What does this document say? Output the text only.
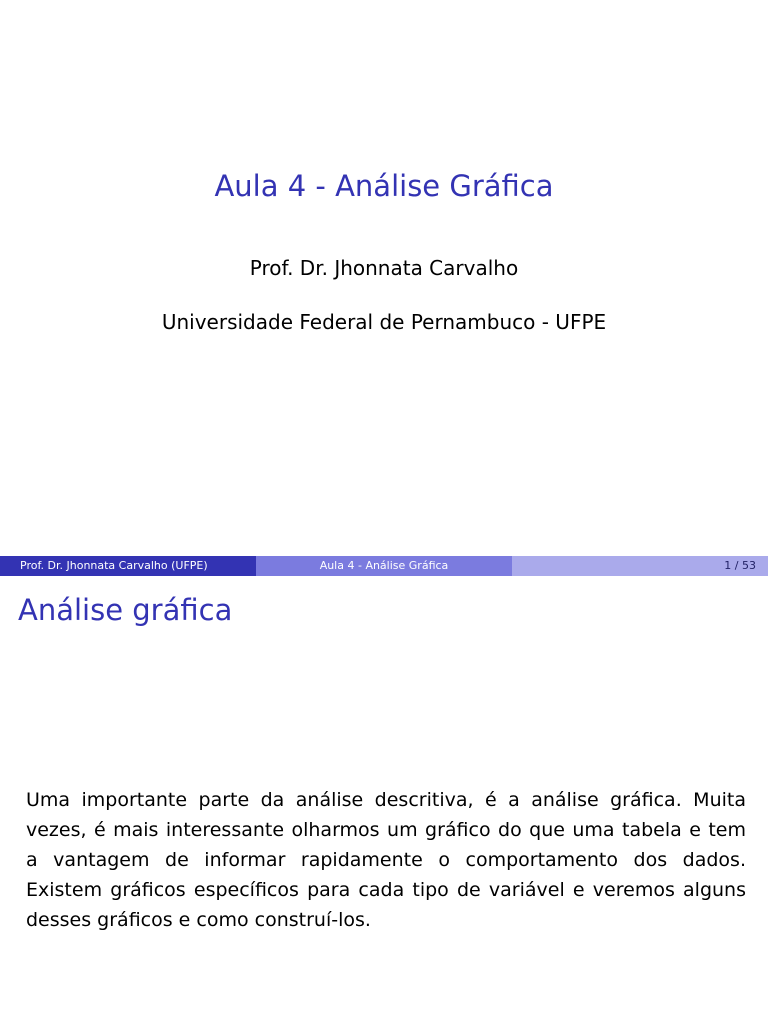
Aula 4 - Análise Gráfica
Prof. Dr. Jhonnata Carvalho
Universidade Federal de Pernambuco - UFPE
Prof. Dr. Jhonnata Carvalho (UFPE)	Aula 4 - Análise Gráfica	1 / 53
Análise gráfica

Uma importante parte da análise descritiva, é a análise gráfica. Muita vezes, é mais interessante olharmos um gráfico do que uma tabela e tem a vantagem de informar rapidamente o comportamento dos dados. Existem gráficos específicos para cada tipo de variável e veremos alguns desses gráficos e como construí-los.
